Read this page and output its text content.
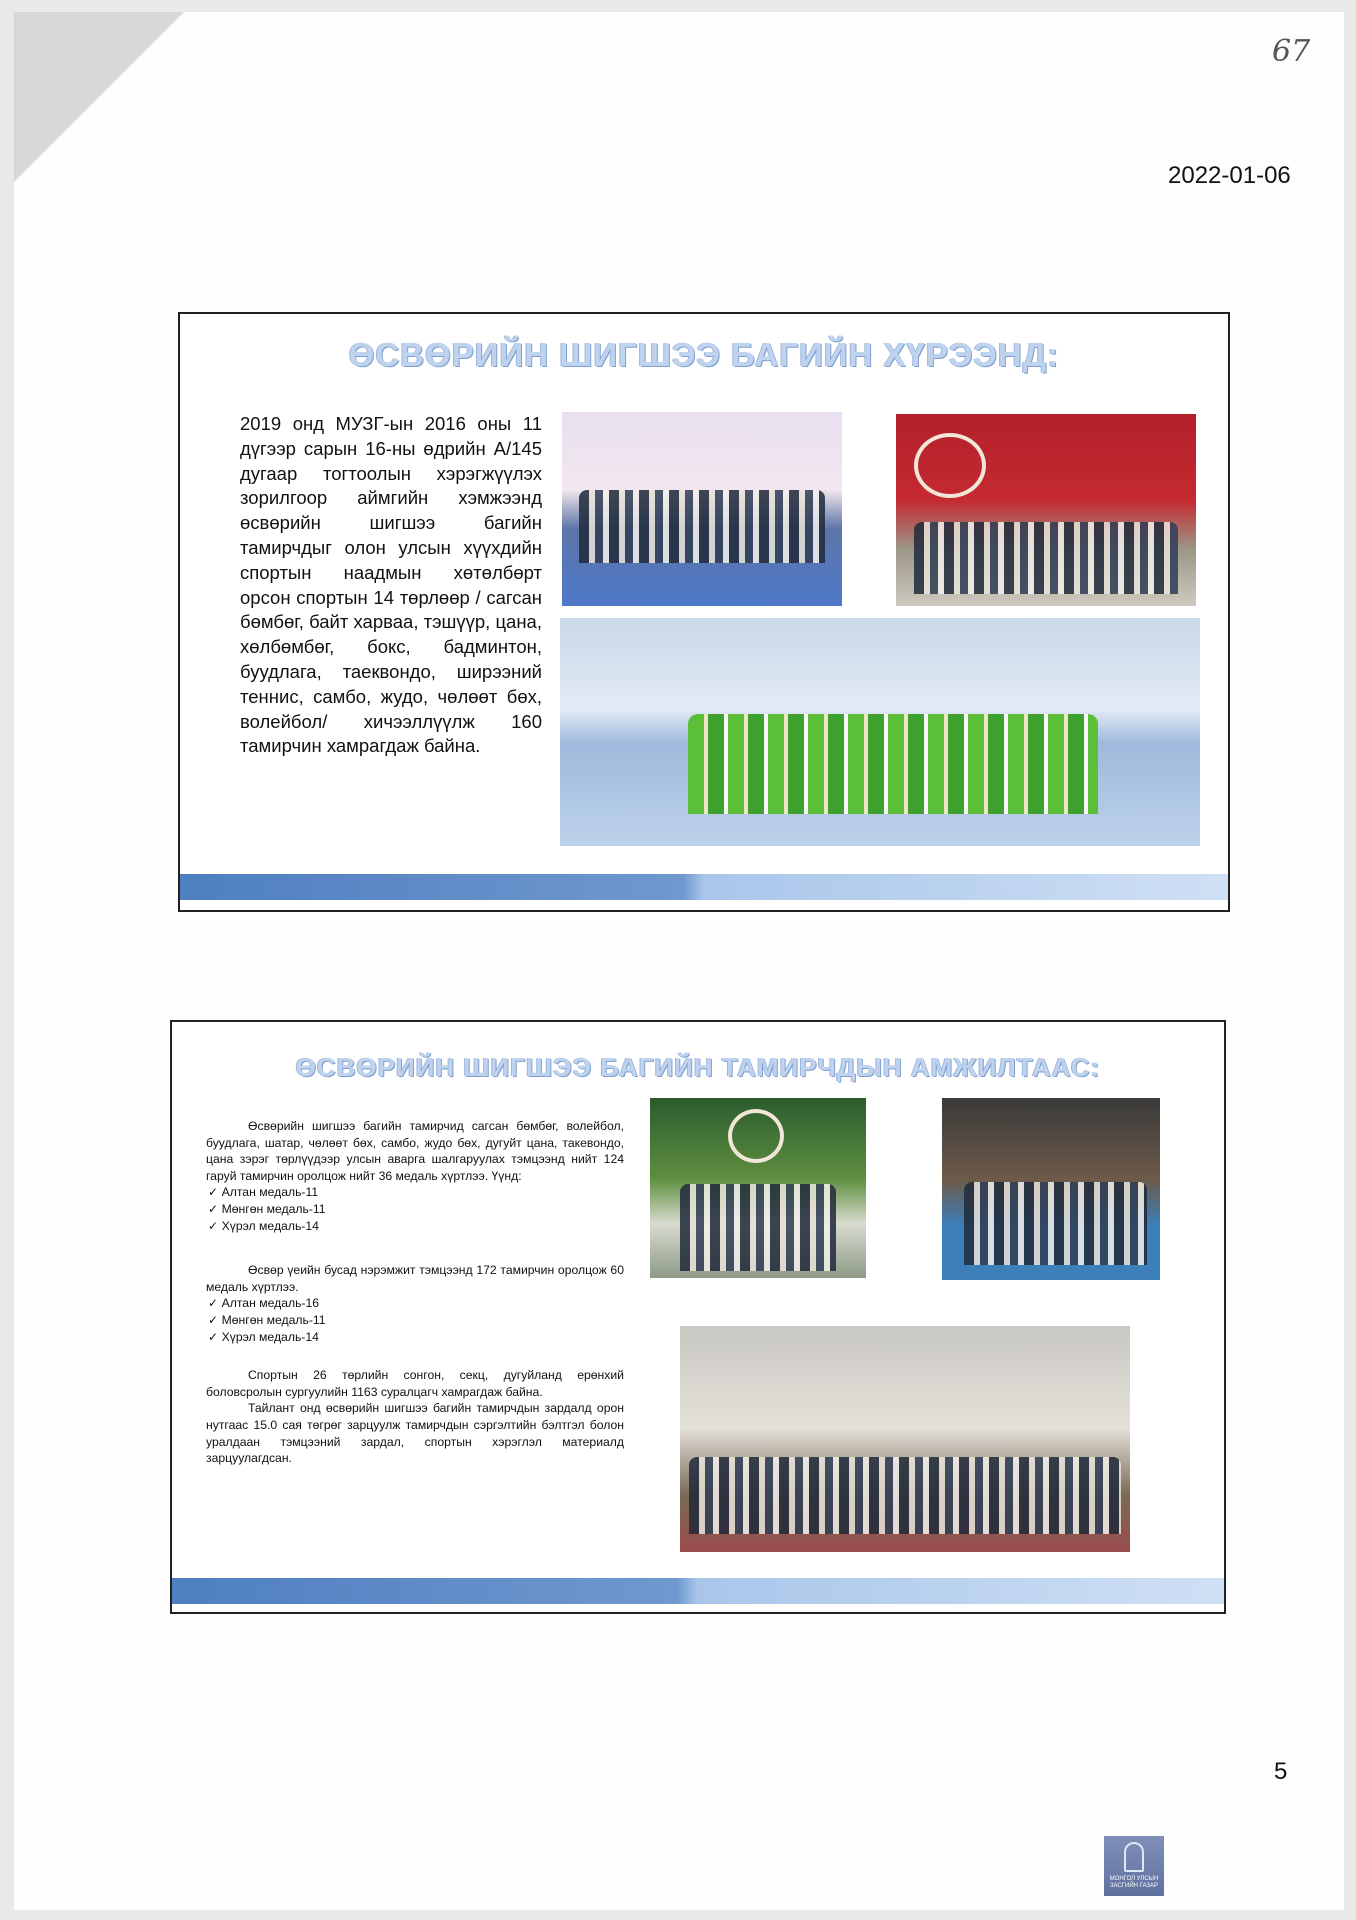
67
2022-01-06
ӨСВӨРИЙН ШИГШЭЭ БАГИЙН ХҮРЭЭНД:

2019 онд МУЗГ-ын 2016 оны 11 дүгээр сарын 16-ны өдрийн А/145 дугаар тогтоолын хэрэгжүүлэх зорилгоор аймгийн хэмжээнд өсвөрийн шигшээ багийн тамирчдыг олон улсын хүүхдийн спортын наадмын хөтөлбөрт орсон спортын 14 төрлөөр / сагсан бөмбөг, байт харваа, тэшүүр, цана, хөлбөмбөг, бокс, бадминтон, буудлага, таеквондо, ширээний теннис, самбо, жудо, чөлөөт бөх, волейбол/ хичээллүүлж 160 тамирчин хамрагдаж байна.

ӨСВӨРИЙН ШИГШЭЭ БАГИЙН ТАМИРЧДЫН АМЖИЛТААС:

Өсвөрийн шигшээ багийн тамирчид сагсан бөмбөг, волейбол, буудлага, шатар, чөлөөт бөх, самбо, жудо бөх, дугуйт цана, такевондо, цана зэрэг төрлүүдээр улсын аварга шалгаруулах тэмцээнд нийт 124 гаруй тамирчин оролцож нийт 36 медаль хүртлээ. Үүнд:

✓ Алтан медаль-11
✓ Мөнгөн медаль-11
✓ Хүрэл медаль-14

Өсвөр үеийн бусад нэрэмжит тэмцээнд 172 тамирчин оролцож 60 медаль хүртлээ.

✓ Алтан медаль-16
✓ Мөнгөн медаль-11
✓ Хүрэл медаль-14

Спортын 26 төрлийн сонгон, секц, дугуйланд ерөнхий боловсролын сургуулийн 1163 суралцагч хамрагдаж байна.

Тайлант онд өсвөрийн шигшээ багийн тамирчдын зардалд орон нутгаас 15.0 сая төгрөг зарцуулж тамирчдын сэргэлтийн бэлтгэл болон уралдаан тэмцээний зардал, спортын хэрэглэл материалд зарцуулагдсан.

5
МОНГОЛ УЛСЫН ЗАСГИЙН ГАЗАР
